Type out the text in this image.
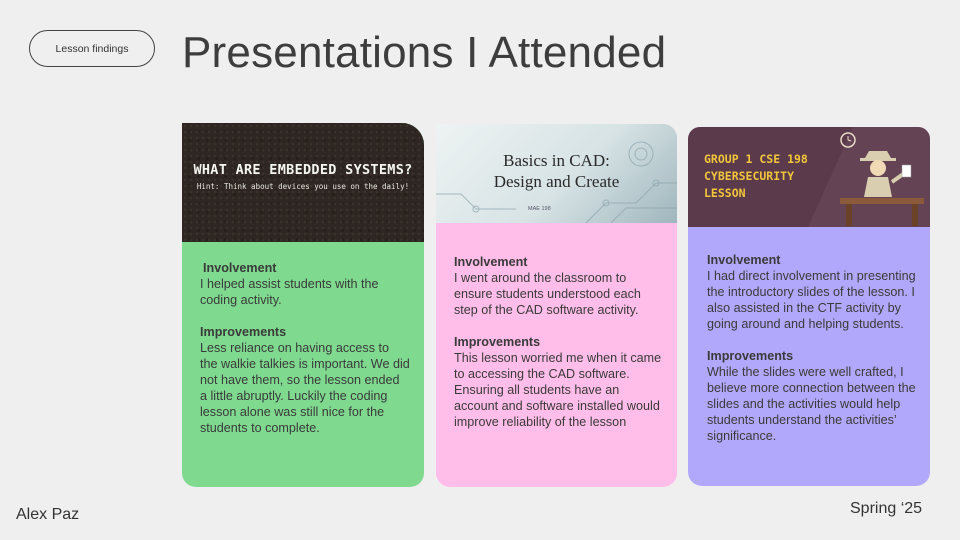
Lesson findings Presentations I Attended
WHAT ARE EMBEDDED SYSTEMS?
Hint: Think about devices you use on the daily!
Involvement
I helped assist students with the coding activity.
Improvements
Less reliance on having access to the walkie talkies is important. We did not have them, so the lesson ended a little abruptly. Luckily the coding lesson alone was still nice for the students to complete.
Basics in CAD:
Design and Create
MAE 198
Involvement
I went around the classroom to ensure students understood each step of the CAD software activity.
Improvements
This lesson worried me when it came to accessing the CAD software. Ensuring all students have an account and software installed would improve reliability of the lesson
GROUP 1 CSE 198
CYBERSECURITY
LESSON
Involvement
I had direct involvement in presenting the introductory slides of the lesson. I also assisted in the CTF activity by going around and helping students.
Improvements
While the slides were well crafted, I believe more connection between the slides and the activities would help students understand the activities’ significance.
Alex Paz	Spring ‘25
